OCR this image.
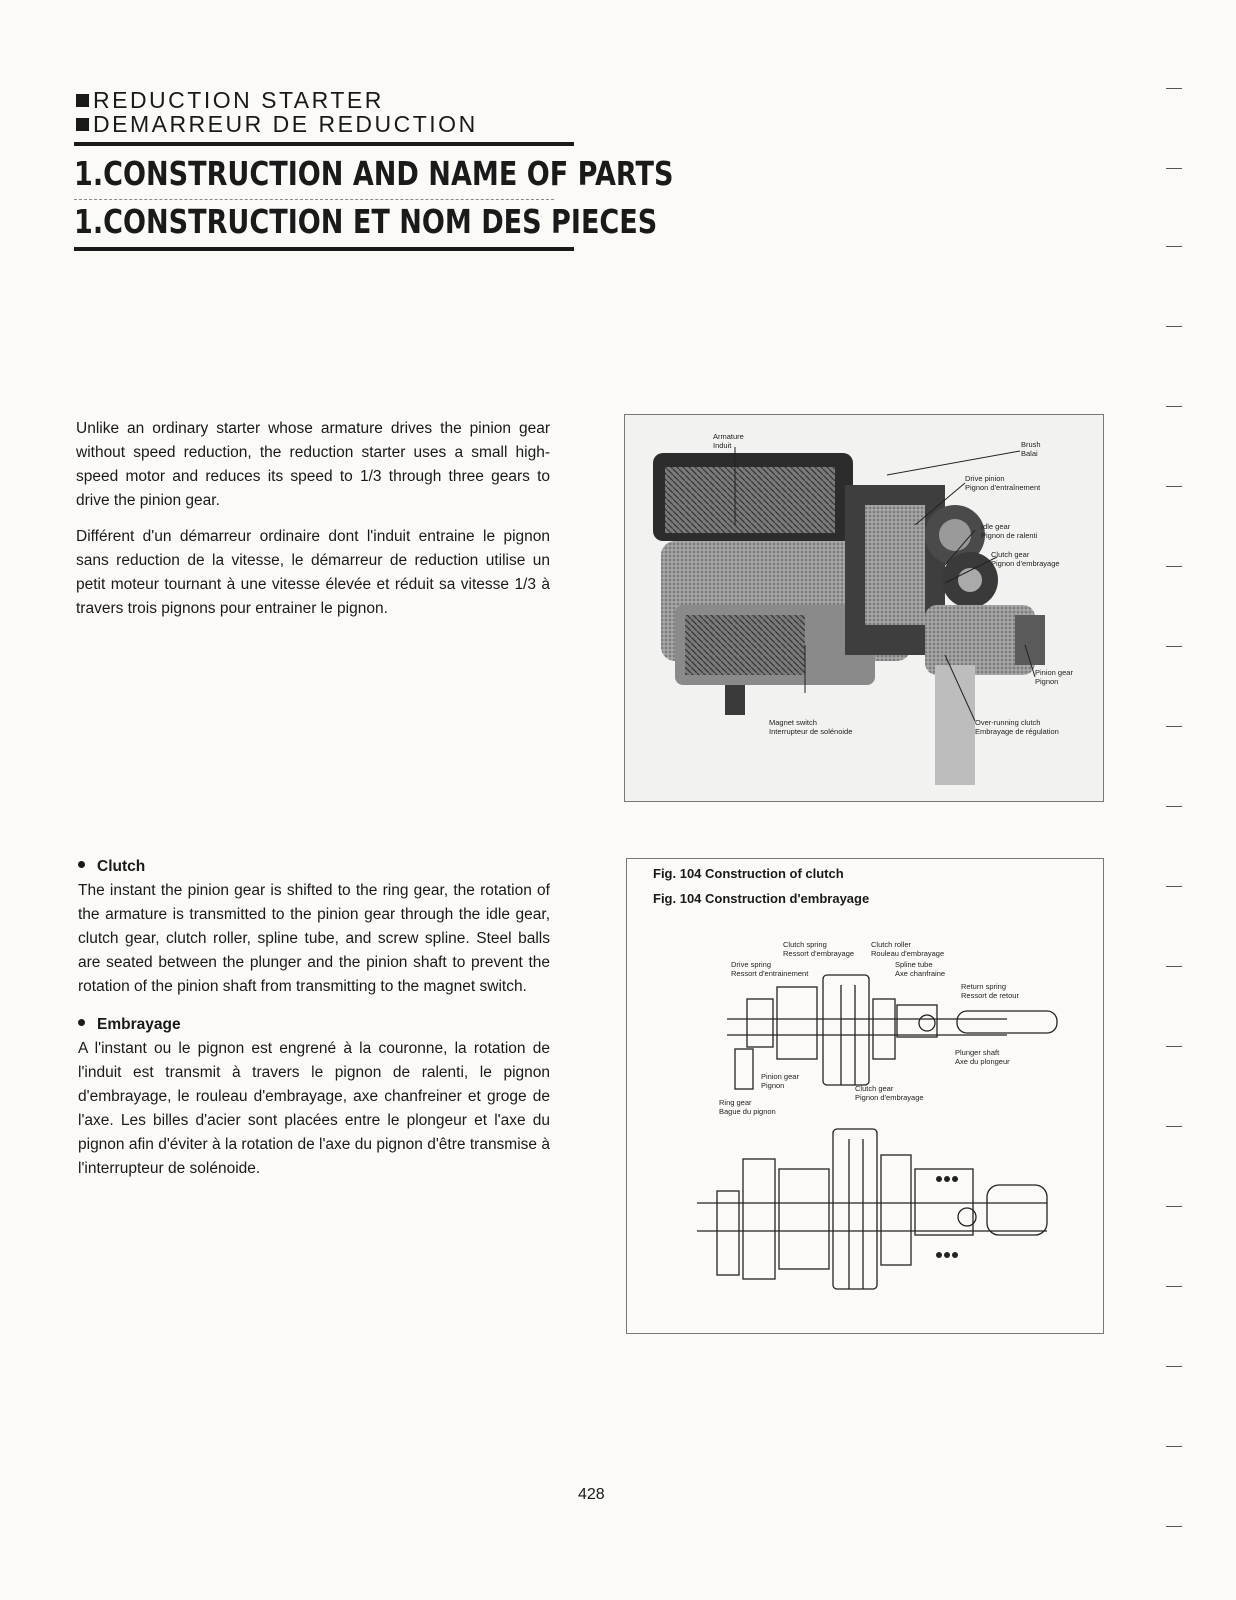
REDUCTION STARTER

DEMARREUR DE REDUCTION

1.CONSTRUCTION AND NAME OF PARTS

1.CONSTRUCTION ET NOM DES PIECES

Unlike an ordinary starter whose armature drives the pinion gear without speed reduction, the reduction starter uses a small high-speed motor and reduces its speed to 1/3 through three gears to drive the pinion gear.

Différent d'un démarreur ordinaire dont l'induit entraine le pignon sans reduction de la vitesse, le démarreur de reduction utilise un petit moteur tournant à une vitesse élevée et réduit sa vitesse 1/3 à travers trois pignons pour entrainer le pignon.

Armature
Induit	Brush
Balai
Drive pinion
Pignon d'entraînement
Idle gear
Pignon de ralenti
Clutch gear
Pignon d'embrayage
Pinion gear
Pignon
Magnet switch
Interrupteur de solénoide
Over-running clutch
Embrayage de régulation

Clutch

The instant the pinion gear is shifted to the ring gear, the rotation of the armature is transmitted to the pinion gear through the idle gear, clutch gear, clutch roller, spline tube, and screw spline. Steel balls are seated between the plunger and the pinion shaft to prevent the rotation of the pinion shaft from transmitting to the magnet switch.

Embrayage

A l'instant ou le pignon est engrené à la couronne, la rotation de l'induit est transmit à travers le pignon de ralenti, le pignon d'embrayage, le rouleau d'embrayage, axe chanfreiner et groge de l'axe. Les billes d'acier sont placées entre le plongeur et l'axe du pignon afin d'éviter à la rotation de l'axe du pignon d'être transmise à l'interrupteur de solénoide.

Fig. 104 Construction of clutch

Fig. 104 Construction d'embrayage

Clutch spring
Ressort d'embrayage
Clutch roller
Rouleau d'embrayage
Drive spring
Ressort d'entrainement
Spline tube
Axe chanfraine
Return spring
Ressort de retour
Plunger shaft
Axe du plongeur
Pinion gear
Pignon	Clutch gear
Pignon d'embrayage
Ring gear
Bague du pignon
428
